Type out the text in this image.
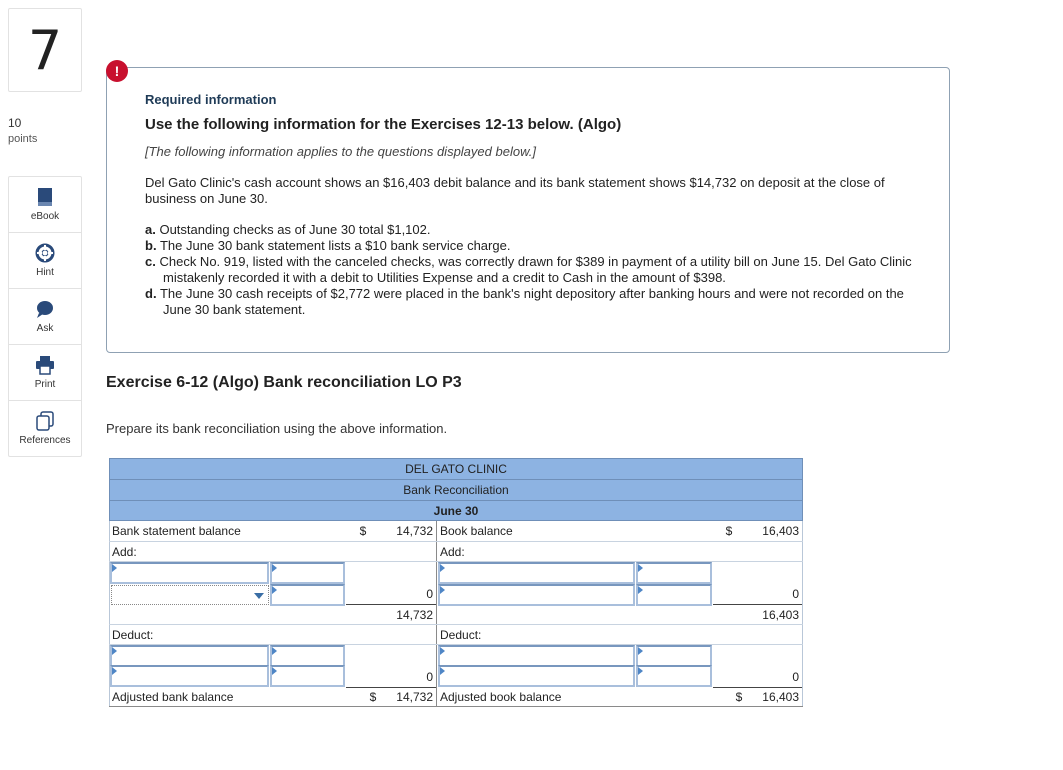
7
10
points
eBook
Hint
Ask
Print
References
!
Required information
Use the following information for the Exercises 12-13 below. (Algo)
[The following information applies to the questions displayed below.]
Del Gato Clinic's cash account shows an $16,403 debit balance and its bank statement shows $14,732 on deposit at the close of business on June 30.
a. Outstanding checks as of June 30 total $1,102.
b. The June 30 bank statement lists a $10 bank service charge.
c. Check No. 919, listed with the canceled checks, was correctly drawn for $389 in payment of a utility bill on June 15. Del Gato Clinic mistakenly recorded it with a debit to Utilities Expense and a credit to Cash in the amount of $398.
d. The June 30 cash receipts of $2,772 were placed in the bank's night depository after banking hours and were not recorded on the June 30 bank statement.
Exercise 6-12 (Algo) Bank reconciliation LO P3
Prepare its bank reconciliation using the above information.
DEL GATO CLINIC
Bank Reconciliation
June 30
Bank statement balance	$	14,732 Book balance	$	16,403
Add:	Add:
0	0
14,732	16,403
Deduct:	Deduct:
0	0
Adjusted bank balance	$	14,732 Adjusted book balance	$	16,403
